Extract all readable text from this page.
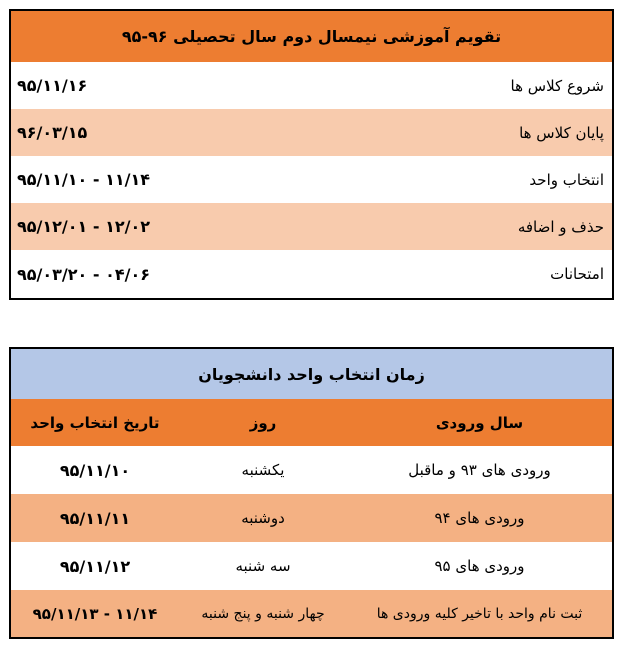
تقویم آموزشی نیمسال دوم سال تحصیلی ۹۶-۹۵
شروع کلاس ها
۹۵/۱۱/۱۶
پایان کلاس ها
۹۶/۰۳/۱۵
انتخاب واحد
۹۵/۱۱/۱۰ - ۱۱/۱۴
حذف و اضافه
۹۵/۱۲/۰۱ - ۱۲/۰۲
امتحانات
۹۵/۰۳/۲۰ - ۰۴/۰۶
زمان انتخاب واحد دانشجویان
تاریخ انتخاب واحد	روز	سال ورودی
۹۵/۱۱/۱۰	یکشنبه	ورودی های ۹۳ و ماقبل
۹۵/۱۱/۱۱	دوشنبه	ورودی های ۹۴
۹۵/۱۱/۱۲	سه شنبه	ورودی های ۹۵
۹۵/۱۱/۱۳ - ۱۱/۱۴	چهار شنبه و پنج شنبه	ثبت نام واحد با تاخیر کلیه ورودی ها
